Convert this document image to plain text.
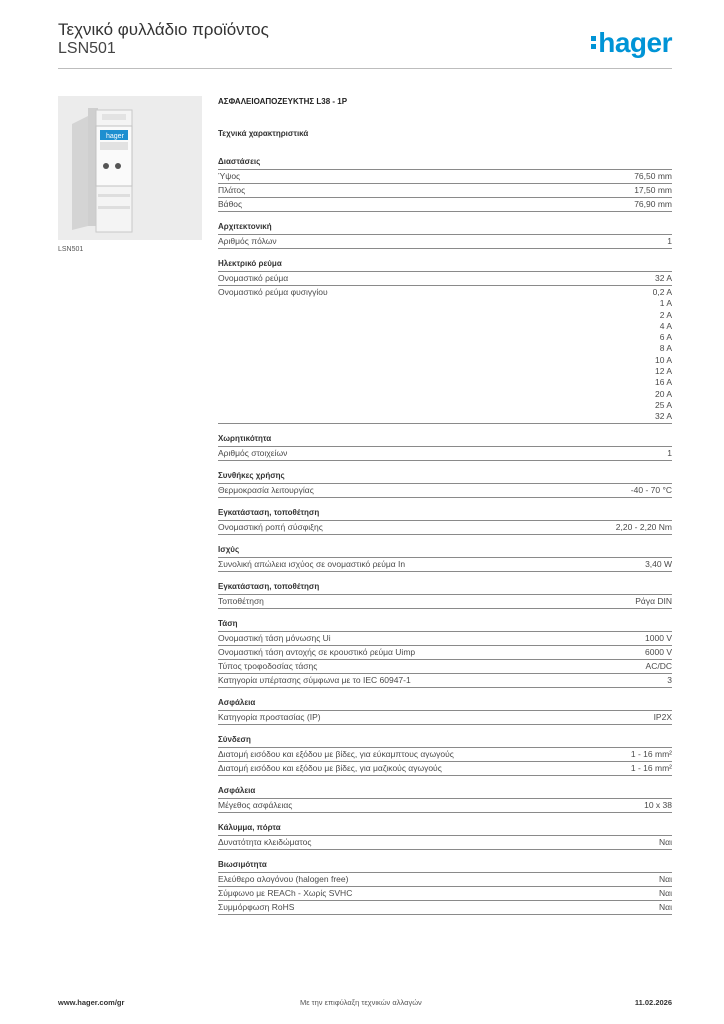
Τεχνικό φυλλάδιο προϊόντος
LSN501	hager
hager
LSN501
ΑΣΦΑΛΕΙΟΑΠΟΖΕΥΚΤΗΣ L38 - 1P
Τεχνικά χαρακτηριστικά
Διαστάσεις
Ύψος	76,50 mm
Πλάτος	17,50 mm
Βάθος	76,90 mm
Αρχιτεκτονική
Αριθμός πόλων	1
Ηλεκτρικό ρεύμα
Ονομαστικό ρεύμα	32 A
Ονομαστικό ρεύμα φυσιγγίου	0,2 A
1 A
2 A
4 A
6 A
8 A
10 A
12 A
16 A
20 A
25 A
32 A
Χωρητικότητα
Αριθμός στοιχείων	1
Συνθήκες χρήσης
Θερμοκρασία λειτουργίας	-40 - 70 °C
Εγκατάσταση, τοποθέτηση
Ονομαστική ροπή σύσφιξης	2,20 - 2,20 Nm
Ισχύς
Συνολική απώλεια ισχύος σε ονομαστικό ρεύμα In	3,40 W
Εγκατάσταση, τοποθέτηση
Τοποθέτηση	Ράγα DIN
Τάση
Ονομαστική τάση μόνωσης Ui	1000 V
Ονομαστική τάση αντοχής σε κρουστικό ρεύμα Uimp	6000 V
Τύπος τροφοδοσίας τάσης	AC/DC
Κατηγορία υπέρτασης σύμφωνα με το IEC 60947-1	3
Ασφάλεια
Κατηγορία προστασίας (IP)	IP2X
Σύνδεση
Διατομή εισόδου και εξόδου με βίδες, για εύκαμπτους αγωγούς	1 - 16 mm²
Διατομή εισόδου και εξόδου με βίδες, για μαζικούς αγωγούς	1 - 16 mm²
Ασφάλεια
Μέγεθος ασφάλειας	10 x 38
Κάλυμμα, πόρτα
Δυνατότητα κλειδώματος	Ναι
Βιωσιμότητα
Ελεύθερο αλογόνου (halogen free)	Ναι
Σύμφωνο με REACh - Χωρίς SVHC	Ναι
Συμμόρφωση RoHS	Ναι
www.hager.com/gr	Με την επιφύλαξη τεχνικών αλλαγών	11.02.2026
